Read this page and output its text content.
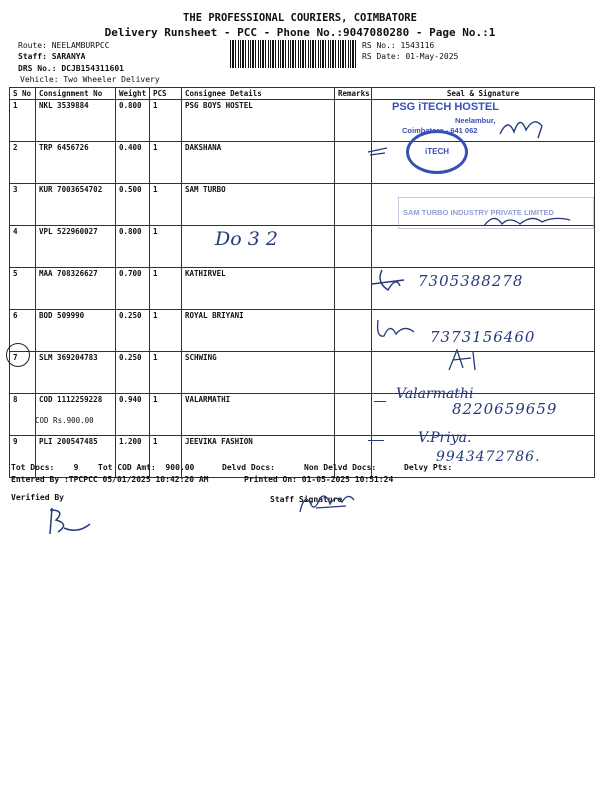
THE PROFESSIONAL COURIERS, COIMBATORE
Delivery Runsheet - PCC - Phone No.:9047080280 - Page No.:1
Route: NEELAMBURPCC
Staff: SARANYA
DRS No.: DCJB154311601
Vehicle: Two Wheeler Delivery
RS No.: 1543116
RS Date: 01-May-2025
S No	Consignment No	Weight	PCS	Consignee Details	Remarks	Seal & Signature
1	NKL 3539884	0.800	1	PSG BOYS HOSTEL		
2	TRP 6456726	0.400	1	DAKSHANA		
3	KUR 7003654702	0.500	1	SAM TURBO		
4	VPL 522960027	0.800	1			
5	MAA 708326627	0.700	1	KATHIRVEL		
6	BOD 509990	0.250	1	ROYAL BRIYANI		
7	SLM 369204783	0.250	1	SCHWING		
8	COD 1112259228
COD Rs.900.00	0.940	1	VALARMATHI		
9	PLI 200547485	1.200	1	JEEVIKA FASHION		
PSG iTECH HOSTEL
Neelambur,
Coimbatore - 641 062
iTECH
SAM TURBO INDUSTRY PRIVATE LIMITED
Do 3 2
7305388278
7373156460
Valarmathi
8220659659
V.Priya.
9943472786.
Tot Docs:    9 Tot COD Amt:  900.00	Delvd Docs:	Non Delvd Docs:	Delvy Pts:
Entered By :TPCPCC 05/01/2025 10:42:20 AM	Printed On: 01-05-2025 10:51:24
Verified By	Staff Signature
